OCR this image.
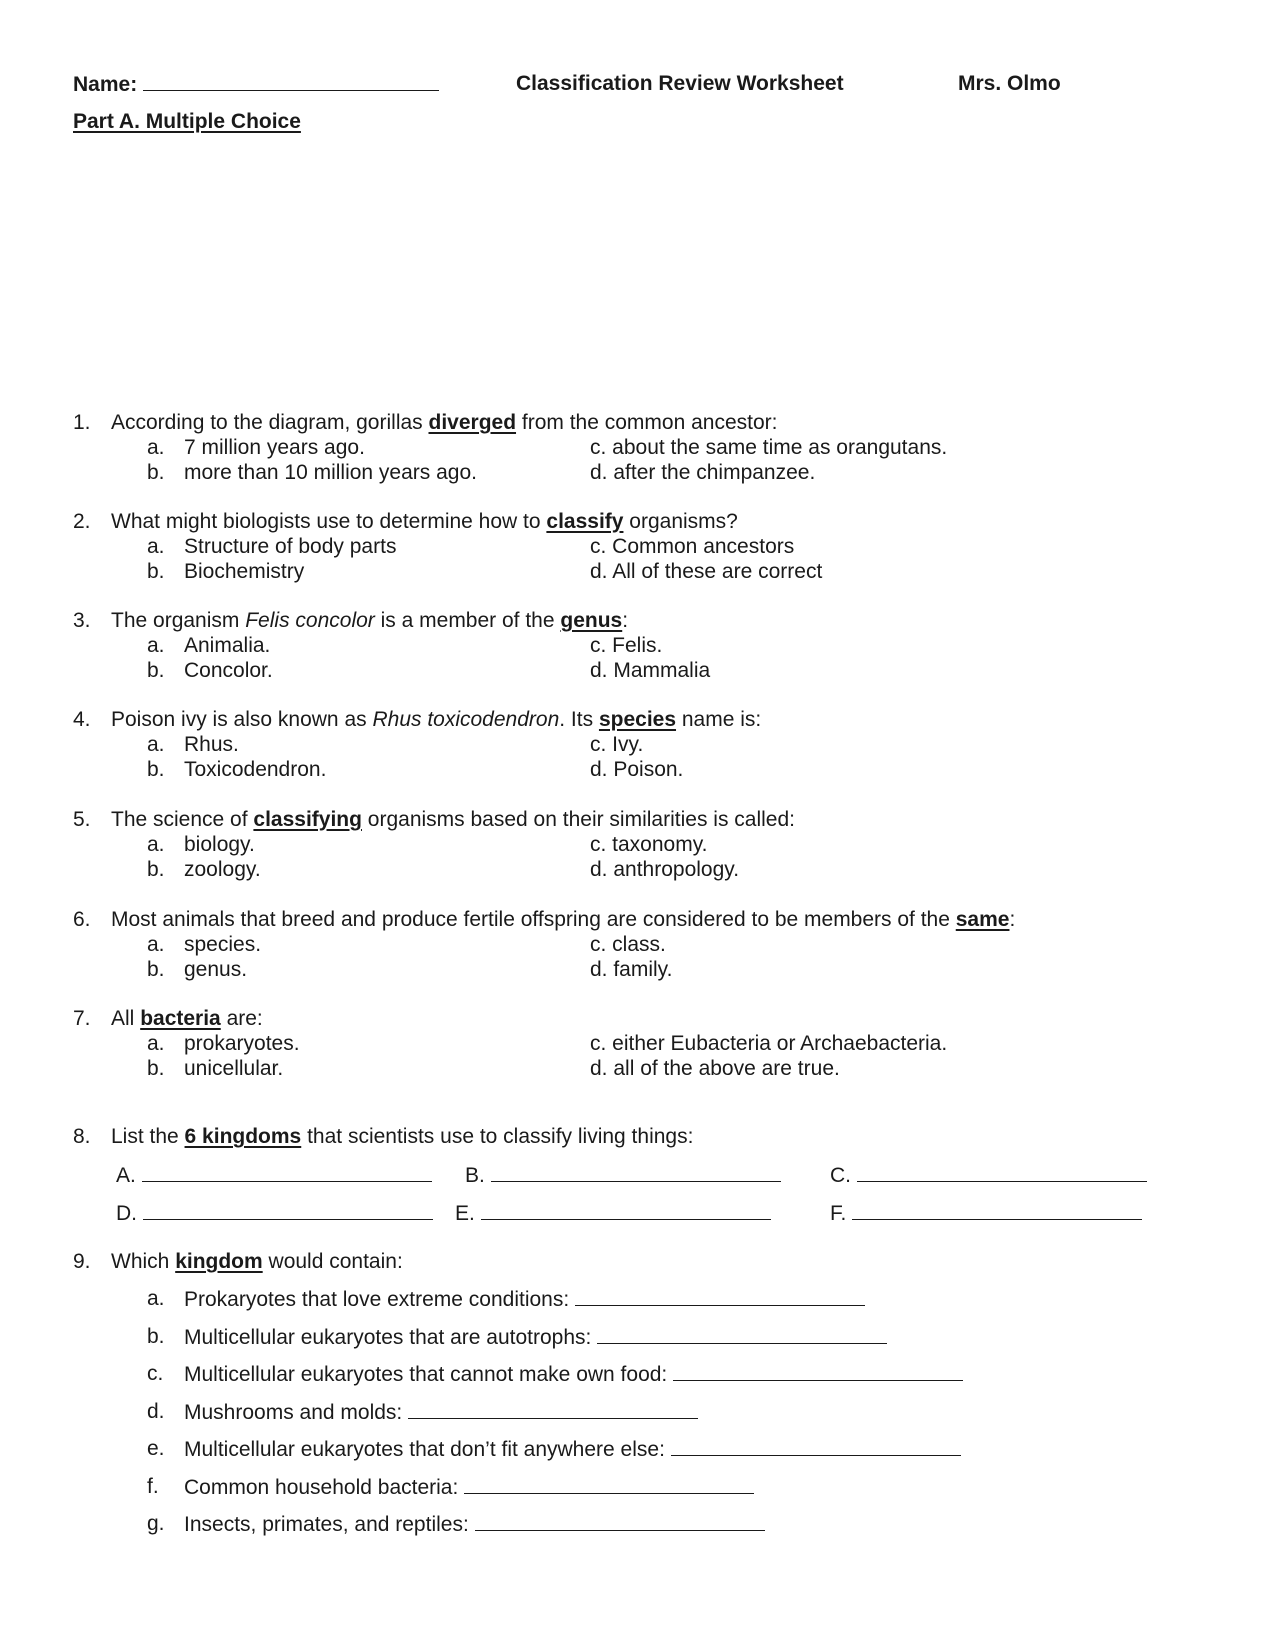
Name:	Classification Review Worksheet	Mrs. Olmo
Part A. Multiple Choice
1. According to the diagram, gorillas diverged from the common ancestor:
a. 7 million years ago.
b. more than 10 million years ago.
c. about the same time as orangutans.
d. after the chimpanzee.
2. What might biologists use to determine how to classify organisms?
a. Structure of body parts
b. Biochemistry
c. Common ancestors
d. All of these are correct
3. The organism Felis concolor is a member of the genus:
a. Animalia.
b. Concolor.
c. Felis.
d. Mammalia
4. Poison ivy is also known as Rhus toxicodendron. Its species name is:
a. Rhus.
b. Toxicodendron.
c. Ivy.
d. Poison.
5. The science of classifying organisms based on their similarities is called:
a. biology.
b. zoology.
c. taxonomy.
d. anthropology.
6. Most animals that breed and produce fertile offspring are considered to be members of the same:
a. species.
b. genus.
c. class.
d. family.
7. All bacteria are:
a. prokaryotes.
b. unicellular.
c. either Eubacteria or Archaebacteria.
d. all of the above are true.
8. List the 6 kingdoms that scientists use to classify living things:
A.	B.	C.
D.	E.	F.
9. Which kingdom would contain:
a. Prokaryotes that love extreme conditions:
b. Multicellular eukaryotes that are autotrophs:
c. Multicellular eukaryotes that cannot make own food:
d. Mushrooms and molds:
e. Multicellular eukaryotes that don’t fit anywhere else:
f. Common household bacteria:
g. Insects, primates, and reptiles:
